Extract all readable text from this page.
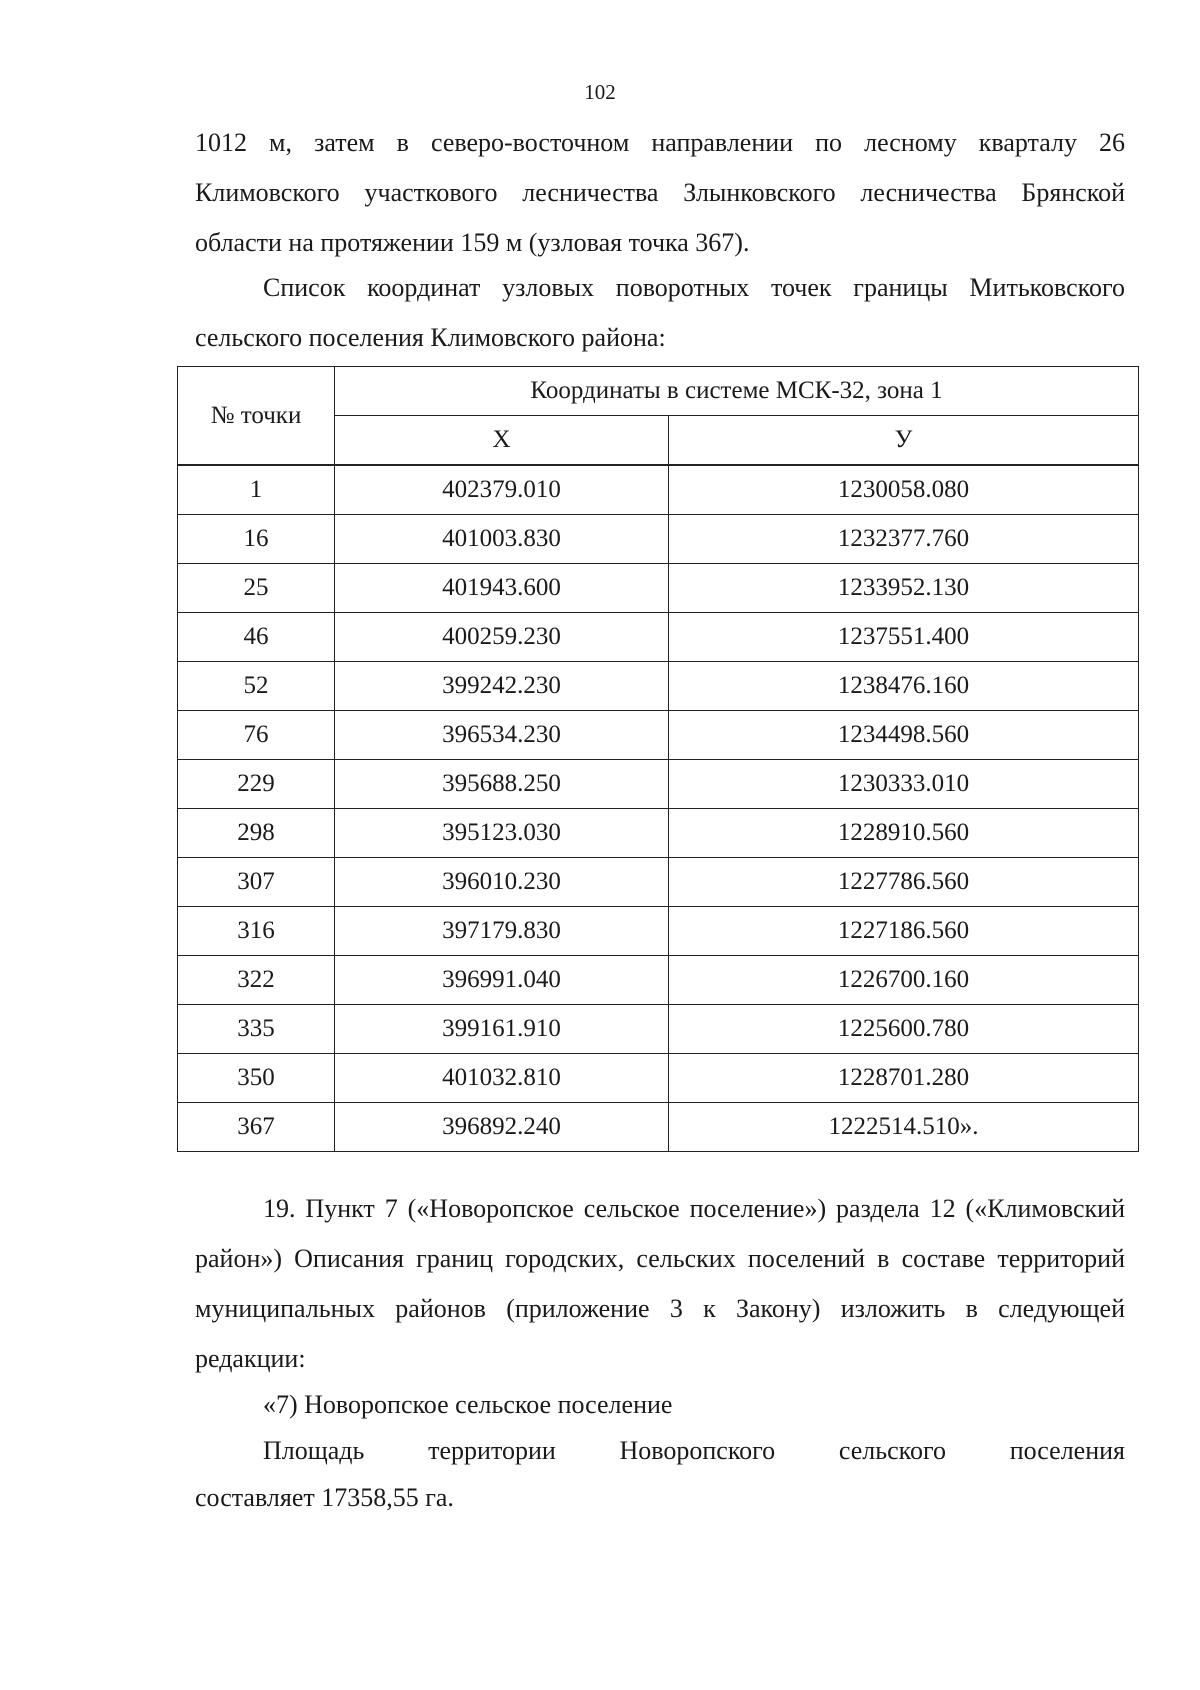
102

1012 м, затем в северо-восточном направлении по лесному кварталу 26 Климовского участкового лесничества Злынковского лесничества Брянской области на протяжении 159 м (узловая точка 367).

Список координат узловых поворотных точек границы Митьковского сельского поселения Климовского района:

№ точки	Координаты в системе МСК-32, зона 1	
	Х	У
1	402379.010	1230058.080
16	401003.830	1232377.760
25	401943.600	1233952.130
46	400259.230	1237551.400
52	399242.230	1238476.160
76	396534.230	1234498.560
229	395688.250	1230333.010
298	395123.030	1228910.560
307	396010.230	1227786.560
316	397179.830	1227186.560
322	396991.040	1226700.160
335	399161.910	1225600.780
350	401032.810	1228701.280
367	396892.240	1222514.510».

19. Пункт 7 («Новоропское сельское поселение») раздела 12 («Климовский район») Описания границ городских, сельских поселений в составе территорий муниципальных районов (приложение 3 к Закону) изложить в следующей редакции:

«7) Новоропское сельское поселение

Площадь территории Новоропского сельского поселения

составляет 17358,55 га.
